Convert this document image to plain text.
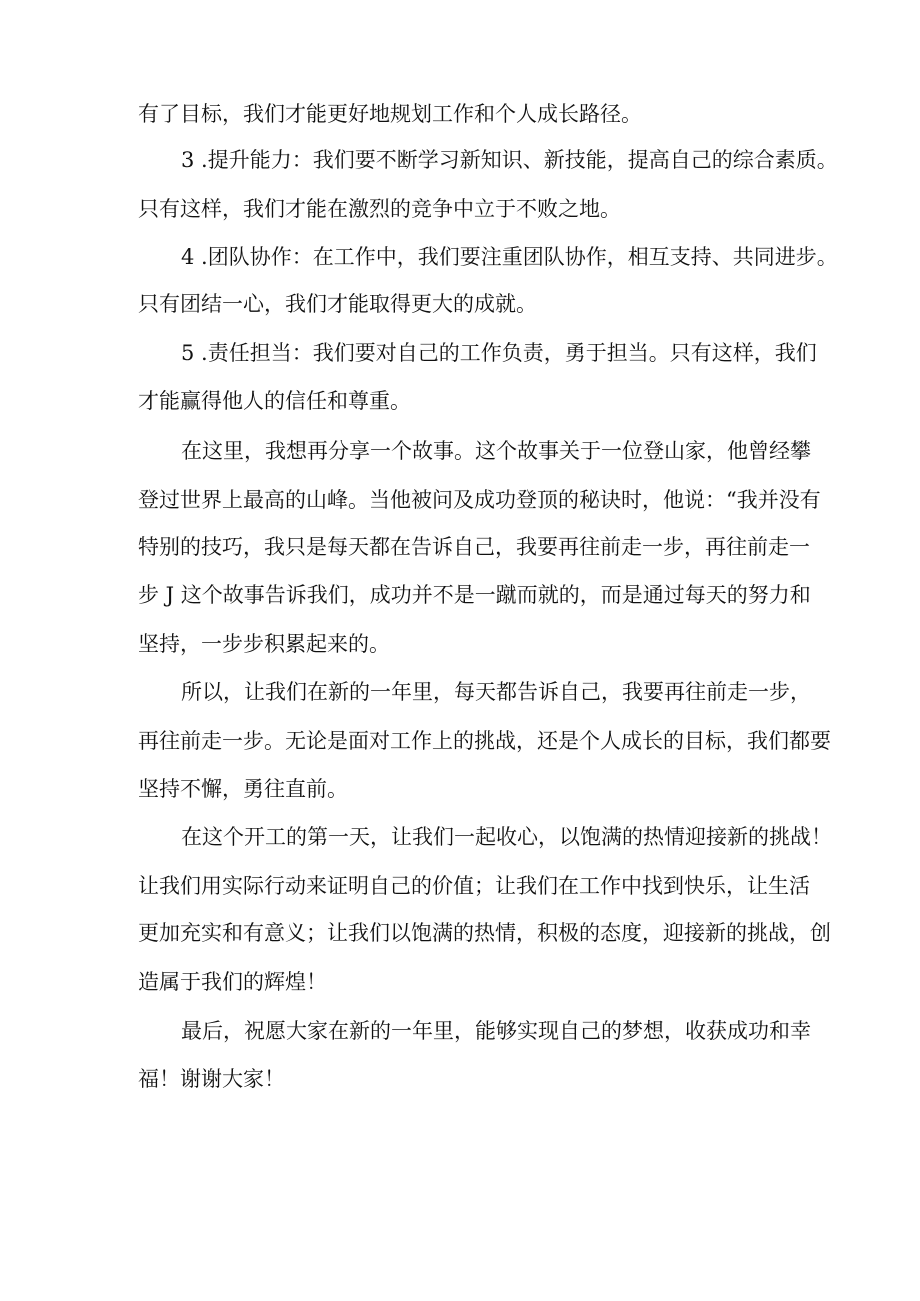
有了目标，我们才能更好地规划工作和个人成长路径。
3 .提升能力：我们要不断学习新知识、新技能，提高自己的综合素质。
只有这样，我们才能在激烈的竞争中立于不败之地。
4 .团队协作：在工作中，我们要注重团队协作，相互支持、共同进步。
只有团结一心，我们才能取得更大的成就。
5 .责任担当：我们要对自己的工作负责，勇于担当。只有这样，我们
才能赢得他人的信任和尊重。
在这里，我想再分享一个故事。这个故事关于一位登山家，他曾经攀
登过世界上最高的山峰。当他被问及成功登顶的秘诀时，他说：“我并没有
特别的技巧，我只是每天都在告诉自己，我要再往前走一步，再往前走一
步 J 这个故事告诉我们，成功并不是一蹴而就的，而是通过每天的努力和
坚持，一步步积累起来的。
所以，让我们在新的一年里，每天都告诉自己，我要再往前走一步，
再往前走一步。无论是面对工作上的挑战，还是个人成长的目标，我们都要
坚持不懈，勇往直前。
在这个开工的第一天，让我们一起收心，以饱满的热情迎接新的挑战！
让我们用实际行动来证明自己的价值；让我们在工作中找到快乐，让生活
更加充实和有意义；让我们以饱满的热情，积极的态度，迎接新的挑战，创
造属于我们的辉煌！
最后，祝愿大家在新的一年里，能够实现自己的梦想，收获成功和幸
福！谢谢大家！
